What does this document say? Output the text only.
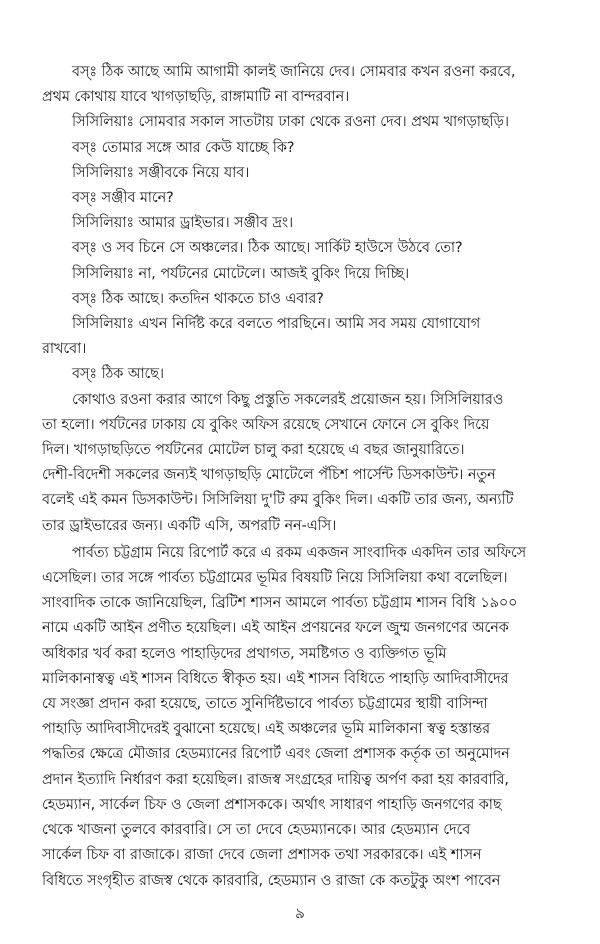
বস্‌ঃ ঠিক আছে আমি আগামী কালই জানিয়ে দেব। সোমবার কখন রওনা করবে,
প্রথম কোথায় যাবে খাগড়াছড়ি, রাঙ্গামাটি না বান্দরবান।
সিসিলিয়াঃ সোমবার সকাল সাতটায় ঢাকা থেকে রওনা দেব। প্রথম খাগড়াছড়ি।
বস্‌ঃ তোমার সঙ্গে আর কেউ যাচ্ছে কি?
সিসিলিয়াঃ সঞ্জীবকে নিয়ে যাব।
বস্‌ঃ সঞ্জীব মানে?
সিসিলিয়াঃ আমার ড্রাইভার। সঞ্জীব দ্রং।
বস্‌ঃ ও সব চিনে সে অঞ্চলের। ঠিক আছে। সার্কিট হাউসে উঠবে তো?
সিসিলিয়াঃ না, পর্যটনের মোটেলে। আজই বুকিং দিয়ে দিচ্ছি।
বস্‌ঃ ঠিক আছে। কতদিন থাকতে চাও এবার?
সিসিলিয়াঃ এখন নির্দিষ্ট করে বলতে পারছিনে। আমি সব সময় যোগাযোগ
রাখবো।
বস্‌ঃ ঠিক আছে।
কোথাও রওনা করার আগে কিছু প্রস্তুতি সকলেরই প্রয়োজন হয়। সিসিলিয়ারও
তা হলো। পর্যটনের ঢাকায় যে বুকিং অফিস রয়েছে সেখানে ফোনে সে বুকিং দিয়ে
দিল। খাগড়াছড়িতে পর্যটনের মোটেল চালু করা হয়েছে এ বছর জানুয়ারিতে।
দেশী-বিদেশী সকলের জন্যই খাগড়াছড়ি মোটেলে পঁচিশ পার্সেন্ট ডিসকাউন্ট। নতুন
বলেই এই কমন ডিসকাউন্ট। সিসিলিয়া দু'টি রুম বুকিং দিল। একটি তার জন্য, অন্যটি
তার ড্রাইভারের জন্য। একটি এসি, অপরটি নন-এসি।
পার্বত্য চট্টগ্রাম নিয়ে রিপোর্ট করে এ রকম একজন সাংবাদিক একদিন তার অফিসে
এসেছিল। তার সঙ্গে পার্বত্য চট্টগ্রামের ভূমির বিষয়টি নিয়ে সিসিলিয়া কথা বলেছিল।
সাংবাদিক তাকে জানিয়েছিল, ব্রিটিশ শাসন আমলে পার্বত্য চট্টগ্রাম শাসন বিধি ১৯০০
নামে একটি আইন প্রণীত হয়েছিল। এই আইন প্রণয়নের ফলে জুম্ম জনগণের অনেক
অধিকার খর্ব করা হলেও পাহাড়িদের প্রথাগত, সমষ্টিগত ও ব্যক্তিগত ভূমি
মালিকানাস্বত্ব এই শাসন বিধিতে স্বীকৃত হয়। এই শাসন বিধিতে পাহাড়ি আদিবাসীদের
যে সংজ্ঞা প্রদান করা হয়েছে, তাতে সুনির্দিষ্টভাবে পার্বত্য চট্টগ্রামের স্থায়ী বাসিন্দা
পাহাড়ি আদিবাসীদেরই বুঝানো হয়েছে। এই অঞ্চলের ভূমি মালিকানা স্বত্ব হস্তান্তর
পদ্ধতির ক্ষেত্রে মৌজার হেডম্যানের রিপোর্ট এবং জেলা প্রশাসক কর্তৃক তা অনুমোদন
প্রদান ইত্যাদি নির্ধারণ করা হয়েছিল। রাজস্ব সংগ্রহের দায়িত্ব অর্পণ করা হয় কারবারি,
হেডম্যান, সার্কেল চিফ ও জেলা প্রশাসককে। অর্থাৎ সাধারণ পাহাড়ি জনগণের কাছ
থেকে খাজনা তুলবে কারবারি। সে তা দেবে হেডম্যানকে। আর হেডম্যান দেবে
সার্কেল চিফ বা রাজাকে। রাজা দেবে জেলা প্রশাসক তথা সরকারকে। এই শাসন
বিধিতে সংগৃহীত রাজস্ব থেকে কারবারি, হেডম্যান ও রাজা কে কতটুকু অংশ পাবেন
৯
